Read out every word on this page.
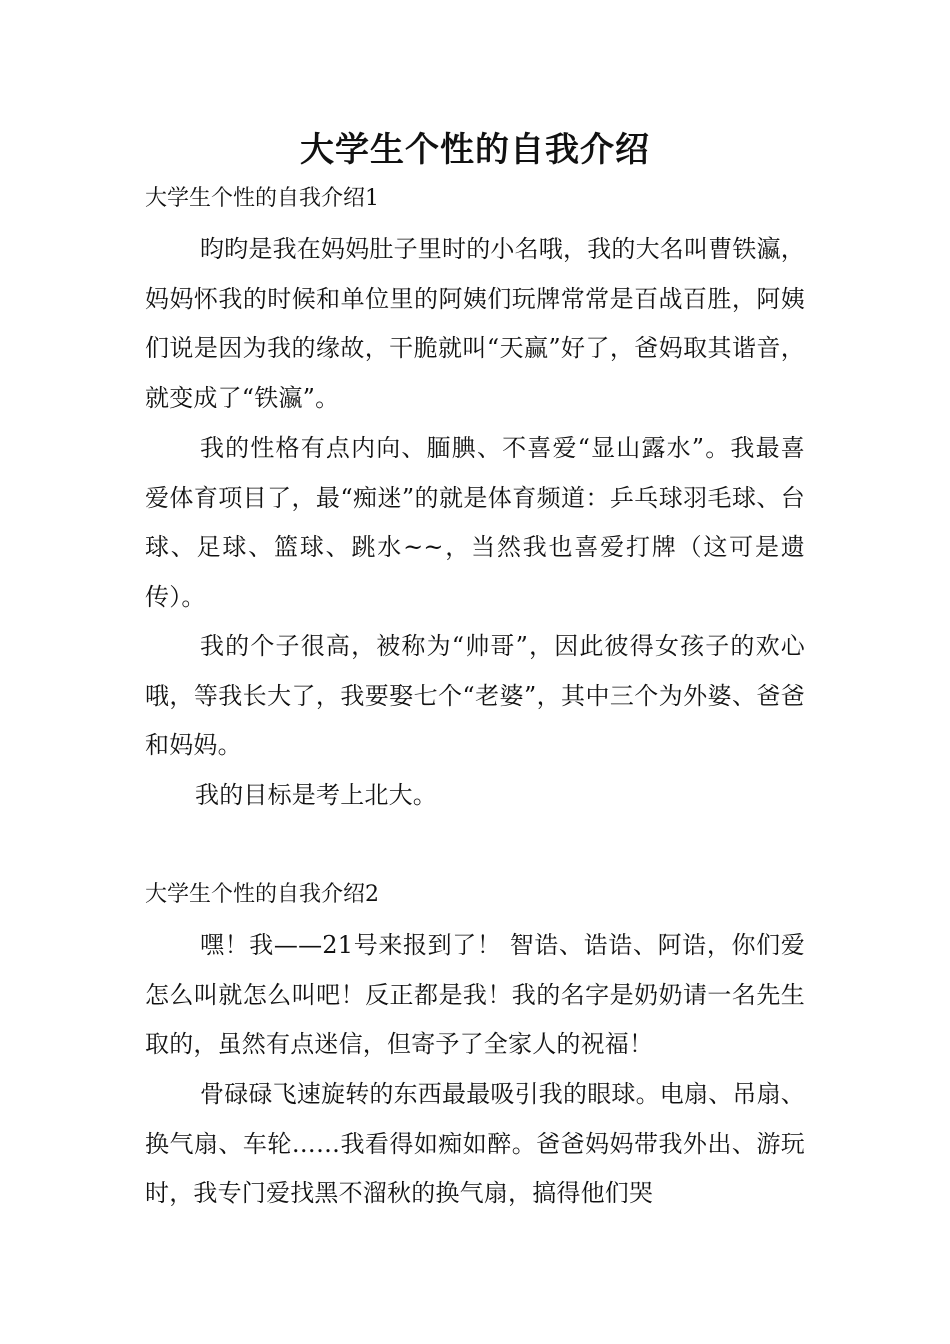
大学生个性的自我介绍
大学生个性的自我介绍1

昀昀是我在妈妈肚子里时的小名哦，我的大名叫曹铁瀛，妈妈怀我的时候和单位里的阿姨们玩牌常常是百战百胜，阿姨们说是因为我的缘故，干脆就叫“天赢”好了，爸妈取其谐音，就变成了“铁瀛”。

我的性格有点内向、腼腆、不喜爱“显山露水”。我最喜爱体育项目了，最“痴迷”的就是体育频道：乒乓球羽毛球、台球、足球、篮球、跳水~~，当然我也喜爱打牌（这可是遗传）。

我的个子很高，被称为“帅哥”，因此彼得女孩子的欢心哦，等我长大了，我要娶七个“老婆”，其中三个为外婆、爸爸和妈妈。

我的目标是考上北大。

大学生个性的自我介绍2

嘿！我——21号来报到了！ 智诰、诰诰、阿诰，你们爱怎么叫就怎么叫吧！反正都是我！我的名字是奶奶请一名先生取的，虽然有点迷信，但寄予了全家人的祝福！

骨碌碌飞速旋转的东西最最吸引我的眼球。电扇、吊扇、换气扇、车轮……我看得如痴如醉。爸爸妈妈带我外出、游玩时，我专门爱找黑不溜秋的换气扇，搞得他们哭
